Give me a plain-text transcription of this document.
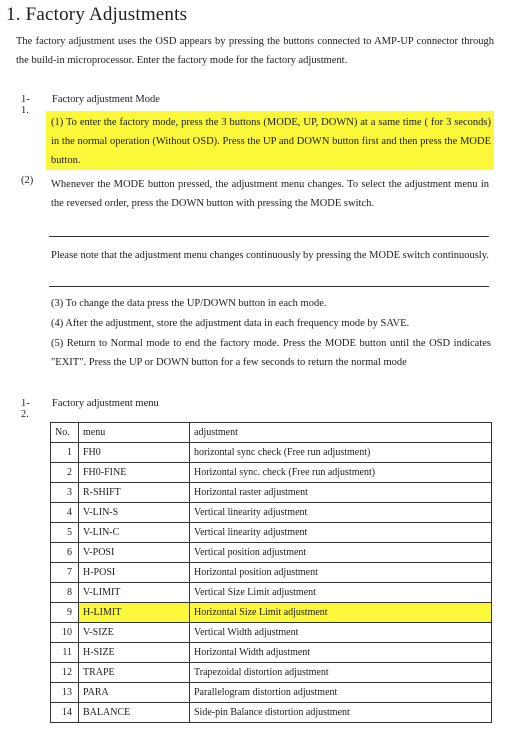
1. Factory Adjustments
The factory adjustment uses the OSD appears by pressing the buttons connected to AMP-UP connector through the build-in microprocessor. Enter the factory mode for the factory adjustment.
1-1.
Factory adjustment Mode
(1) To enter the factory mode, press the 3 buttons (MODE, UP, DOWN) at a same time ( for 3 seconds) in the normal operation (Without OSD). Press the UP and DOWN button first and then press the MODE button.
(2) Whenever the MODE button pressed, the adjustment menu changes. To select the adjustment menu in the reversed order, press the DOWN button with pressing the MODE switch.
Please note that the adjustment menu changes continuously by pressing the MODE switch continuously.
(3) To change the data press the UP/DOWN button in each mode.
(4) After the adjustment, store the adjustment data in each frequency mode by SAVE.
(5) Return to Normal mode to end the factory mode. Press the MODE button until the OSD indicates "EXIT". Press the UP or DOWN button for a few seconds to return the normal mode
1-2.
Factory adjustment menu
No.	menu	adjustment
1	FH0	horizontal sync check (Free run adjustment)
2	FH0-FINE	Horizontal sync. check (Free run adjustment)
3	R-SHIFT	Horizontal raster adjustment
4	V-LIN-S	Vertical linearity adjustment
5	V-LIN-C	Vertical linearity adjustment
6	V-POSI	Vertical position adjustment
7	H-POSI	Horizontal position adjustment
8	V-LIMIT	Vertical Size Limit adjustment
9	H-LIMIT	Horizontal Size Limit adjustment
10	V-SIZE	Vertical Width adjustment
11	H-SIZE	Horizontal Width adjustment
12	TRAPE	Trapezoidal distortion adjustment
13	PARA	Parallelogram distortion adjustment
14	BALANCE	Side-pin Balance distortion adjustment
